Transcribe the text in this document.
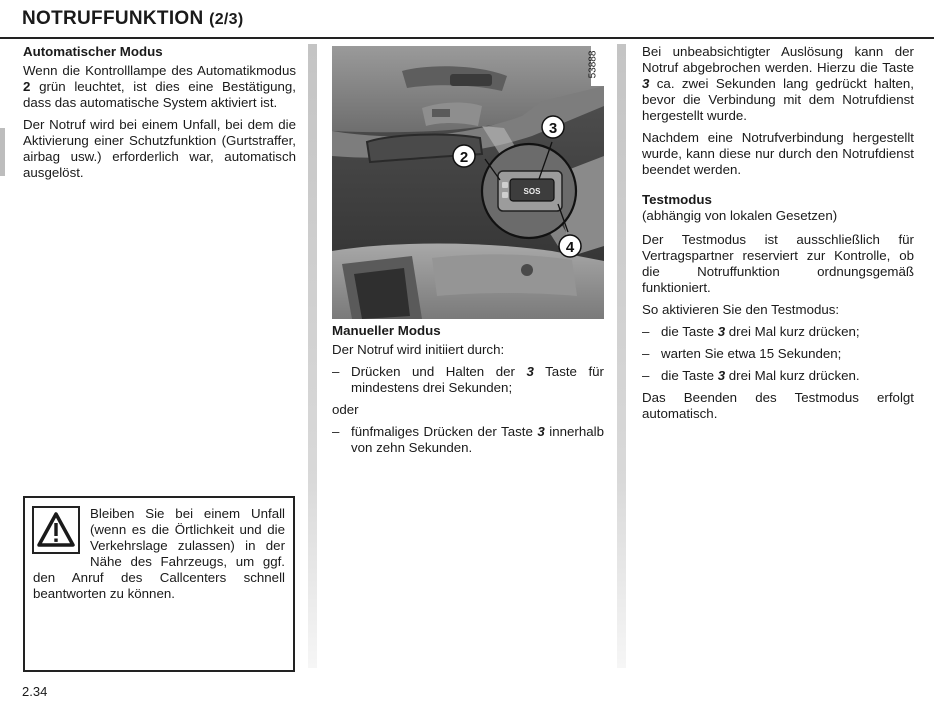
NOTRUFFUNKTION (2/3)
Automatischer Modus

Wenn die Kontrolllampe des Automatikmodus 2 grün leuchtet, ist dies eine Bestätigung, dass das automatische System aktiviert ist.

Der Notruf wird bei einem Unfall, bei dem die Aktivierung einer Schutzfunktion (Gurtstraffer, airbag usw.) erforderlich war, automatisch ausgelöst.

Bleiben Sie bei einem Unfall (wenn es die Örtlichkeit und die Verkehrslage zulassen) in der Nähe des Fahrzeugs, um ggf. den Anruf des Callcenters schnell beantworten zu können.
SOS
2
3
4
53888
Manueller Modus

Der Notruf wird initiiert durch:

– Drücken und Halten der 3 Taste für mindestens drei Sekunden;

oder

– fünfmaliges Drücken der Taste 3 innerhalb von zehn Sekunden.

Bei unbeabsichtigter Auslösung kann der Notruf abgebrochen werden. Hierzu die Taste 3 ca. zwei Sekunden lang gedrückt halten, bevor die Verbindung mit dem Notrufdienst hergestellt wurde.

Nachdem eine Notrufverbindung hergestellt wurde, kann diese nur durch den Notrufdienst beendet werden.

Testmodus

(abhängig von lokalen Gesetzen)

Der Testmodus ist ausschließlich für Vertragspartner reserviert zur Kontrolle, ob die Notruffunktion ordnungsgemäß funktioniert.

So aktivieren Sie den Testmodus:

– die Taste 3 drei Mal kurz drücken;
– warten Sie etwa 15 Sekunden;
– die Taste 3 drei Mal kurz drücken.

Das Beenden des Testmodus erfolgt automatisch.

2.34
